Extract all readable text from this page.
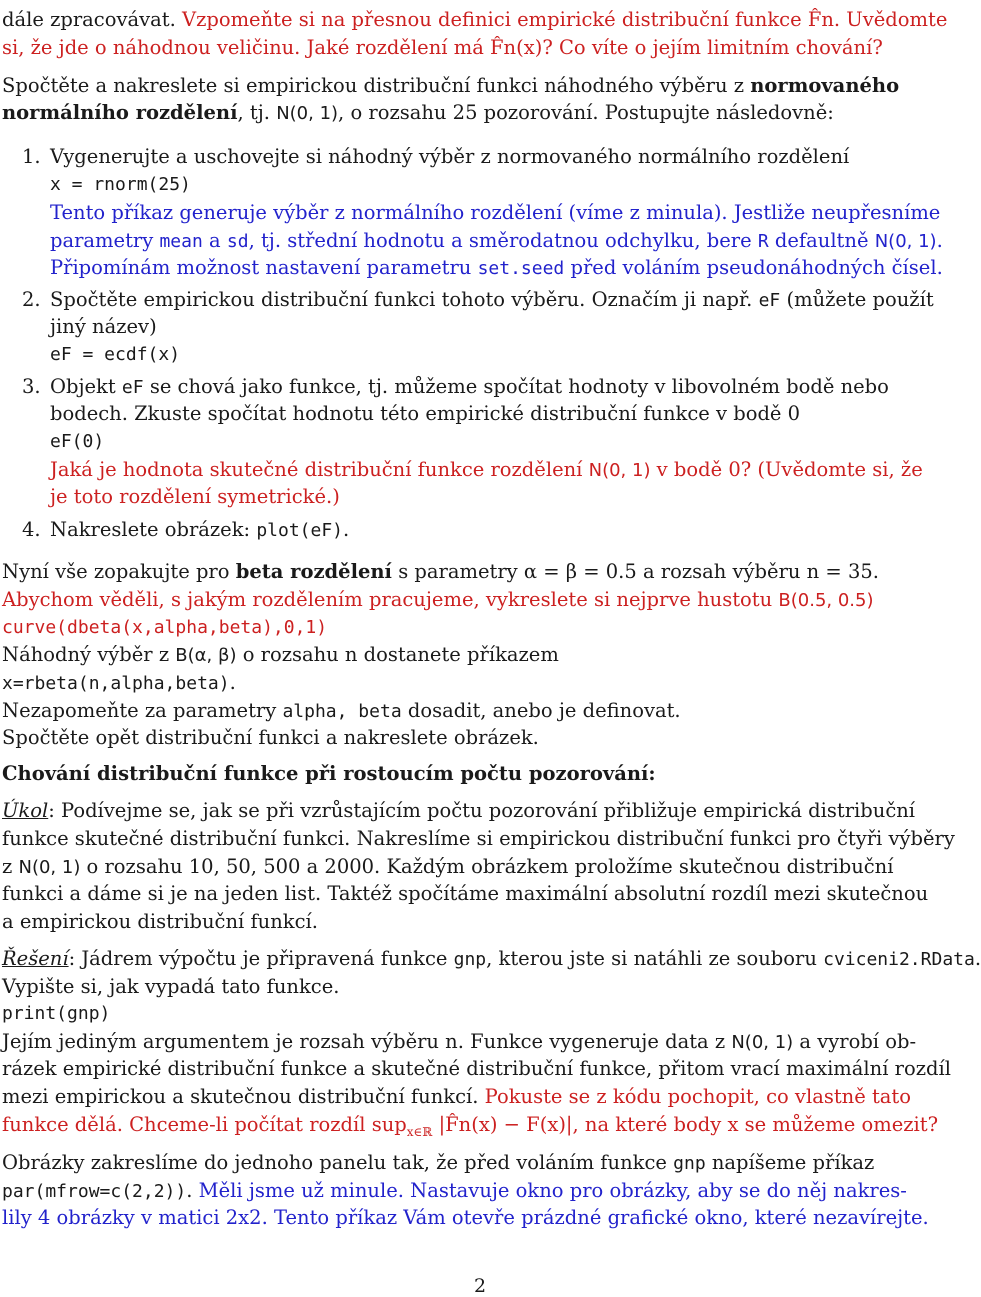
dále zpracovávat. Vzpomeňte si na přesnou definici empirické distribuční funkce F̂n. Uvědomte
si, že jde o náhodnou veličinu. Jaké rozdělení má F̂n(x)? Co víte o jejím limitním chování?
Spočtěte a nakreslete si empirickou distribuční funkci náhodného výběru z normovaného
normálního rozdělení, tj. N(0, 1), o rozsahu 25 pozorování. Postupujte následovně:
1. Vygenerujte a uschovejte si náhodný výběr z normovaného normálního rozdělení
x = rnorm(25)
Tento příkaz generuje výběr z normálního rozdělení (víme z minula). Jestliže neupřesníme
parametry mean a sd, tj. střední hodnotu a směrodatnou odchylku, bere R defaultně N(0, 1).
Připomínám možnost nastavení parametru set.seed před voláním pseudonáhodných čísel.
2. Spočtěte empirickou distribuční funkci tohoto výběru. Označím ji např. eF (můžete použít
jiný název)
eF = ecdf(x)
3. Objekt eF se chová jako funkce, tj. můžeme spočítat hodnoty v libovolném bodě nebo
bodech. Zkuste spočítat hodnotu této empirické distribuční funkce v bodě 0
eF(0)
Jaká je hodnota skutečné distribuční funkce rozdělení N(0, 1) v bodě 0? (Uvědomte si, že
je toto rozdělení symetrické.)
4. Nakreslete obrázek: plot(eF).
Nyní vše zopakujte pro beta rozdělení s parametry α = β = 0.5 a rozsah výběru n = 35.
Abychom věděli, s jakým rozdělením pracujeme, vykreslete si nejprve hustotu B(0.5, 0.5)
curve(dbeta(x,alpha,beta),0,1)
Náhodný výběr z B(α, β) o rozsahu n dostanete příkazem
x=rbeta(n,alpha,beta).
Nezapomeňte za parametry alpha, beta dosadit, anebo je definovat.
Spočtěte opět distribuční funkci a nakreslete obrázek.
Chování distribuční funkce při rostoucím počtu pozorování:
Úkol: Podívejme se, jak se při vzrůstajícím počtu pozorování přibližuje empirická distribuční
funkce skutečné distribuční funkci. Nakreslíme si empirickou distribuční funkci pro čtyři výběry
z N(0, 1) o rozsahu 10, 50, 500 a 2000. Každým obrázkem proložíme skutečnou distribuční
funkci a dáme si je na jeden list. Taktéž spočítáme maximální absolutní rozdíl mezi skutečnou
a empirickou distribuční funkcí.
Řešení: Jádrem výpočtu je připravená funkce gnp, kterou jste si natáhli ze souboru cviceni2.RData.
Vypište si, jak vypadá tato funkce.
print(gnp)
Jejím jediným argumentem je rozsah výběru n. Funkce vygeneruje data z N(0, 1) a vyrobí ob-
rázek empirické distribuční funkce a skutečné distribuční funkce, přitom vrací maximální rozdíl
mezi empirickou a skutečnou distribuční funkcí. Pokuste se z kódu pochopit, co vlastně tato
funkce dělá. Chceme-li počítat rozdíl sup$_{x\in ℝ}$ |F̂n(x) − F(x)|, na které body x se můžeme omezit?
Obrázky zakreslíme do jednoho panelu tak, že před voláním funkce gnp napíšeme příkaz
par(mfrow=c(2,2)). Měli jsme už minule. Nastavuje okno pro obrázky, aby se do něj nakres-
lily 4 obrázky v matici 2x2. Tento příkaz Vám otevře prázdné grafické okno, které nezavírejte.
2
